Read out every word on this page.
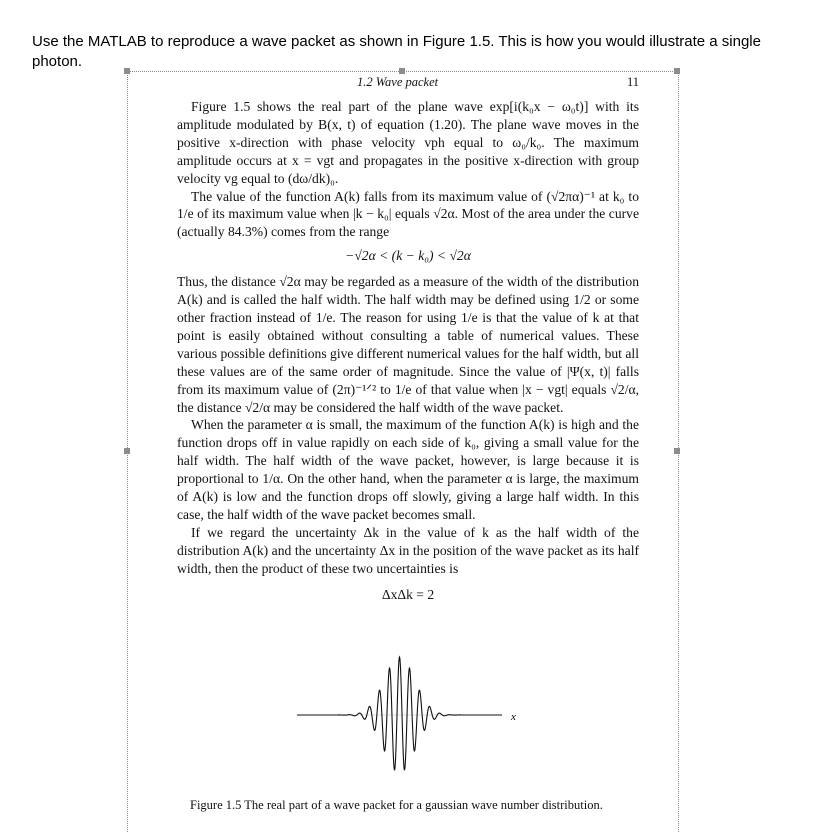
Use the MATLAB to reproduce a wave packet as shown in Figure 1.5. This is how you would illustrate a single photon.
1.2 Wave packet	11

Figure 1.5 shows the real part of the plane wave exp[i(k₀x − ω₀t)] with its amplitude modulated by B(x, t) of equation (1.20). The plane wave moves in the positive x-direction with phase velocity vph equal to ω₀/k₀. The maximum amplitude occurs at x = vgt and propagates in the positive x-direction with group velocity vg equal to (dω/dk)₀.

The value of the function A(k) falls from its maximum value of (√2πα)⁻¹ at k₀ to 1/e of its maximum value when |k − k₀| equals √2α. Most of the area under the curve (actually 84.3%) comes from the range

−√2α < (k − k₀) < √2α

Thus, the distance √2α may be regarded as a measure of the width of the distribution A(k) and is called the half width. The half width may be defined using 1/2 or some other fraction instead of 1/e. The reason for using 1/e is that the value of k at that point is easily obtained without consulting a table of numerical values. These various possible definitions give different numerical values for the half width, but all these values are of the same order of magnitude. Since the value of |Ψ(x, t)| falls from its maximum value of (2π)⁻¹ᐟ² to 1/e of that value when |x − vgt| equals √2/α, the distance √2/α may be considered the half width of the wave packet.

When the parameter α is small, the maximum of the function A(k) is high and the function drops off in value rapidly on each side of k₀, giving a small value for the half width. The half width of the wave packet, however, is large because it is proportional to 1/α. On the other hand, when the parameter α is large, the maximum of A(k) is low and the function drops off slowly, giving a large half width. In this case, the half width of the wave packet becomes small.

If we regard the uncertainty Δk in the value of k as the half width of the distribution A(k) and the uncertainty Δx in the position of the wave packet as its half width, then the product of these two uncertainties is

ΔxΔk = 2

x
Figure 1.5 The real part of a wave packet for a gaussian wave number distribution.
